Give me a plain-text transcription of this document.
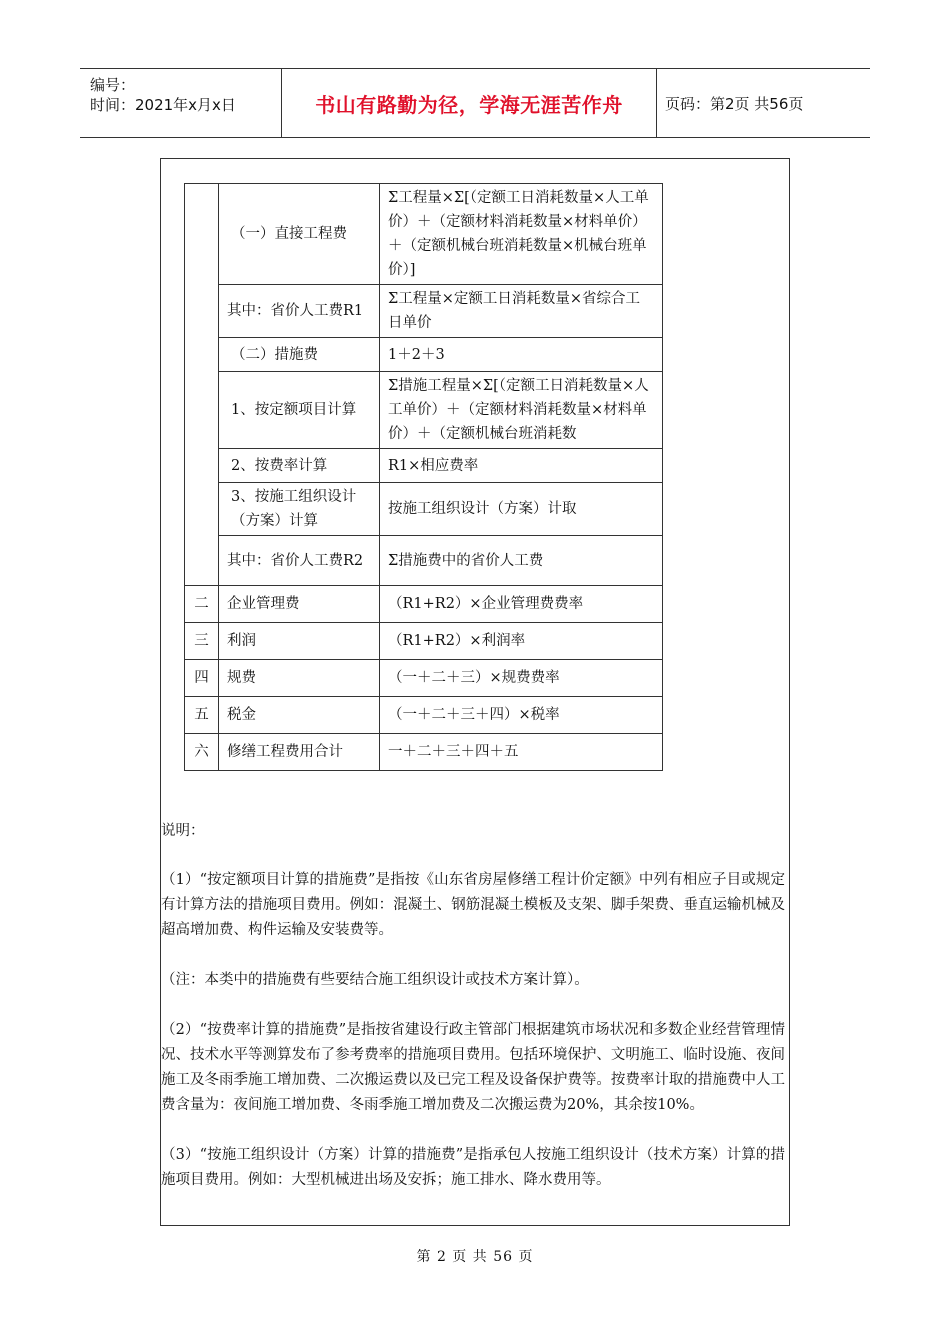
编号：
时间：2021年x月x日	书山有路勤为径，学海无涯苦作舟	页码：第2页 共56页
	（一）直接工程费	Σ工程量×Σ[（定额工日消耗数量×人工单价）＋（定额材料消耗数量×材料单价）＋（定额机械台班消耗数量×机械台班单价）]
	其中：省价人工费R1	Σ工程量×定额工日消耗数量×省综合工日单价
	（二）措施费	1＋2＋3
	1、按定额项目计算	Σ措施工程量×Σ[（定额工日消耗数量×人工单价）＋（定额材料消耗数量×材料单价）＋（定额机械台班消耗数
	2、按费率计算	R1×相应费率
	3、按施工组织设计（方案）计算	按施工组织设计（方案）计取
	其中：省价人工费R2	Σ措施费中的省价人工费
二	企业管理费	（R1+R2）×企业管理费费率
三	利润	（R1+R2）×利润率
四	规费	（一＋二＋三）×规费费率
五	税金	（一＋二＋三＋四）×税率
六	修缮工程费用合计	一＋二＋三＋四＋五

说明：

（1）“按定额项目计算的措施费”是指按《山东省房屋修缮工程计价定额》中列有相应子目或规定有计算方法的措施项目费用。例如：混凝土、钢筋混凝土模板及支架、脚手架费、垂直运输机械及超高增加费、构件运输及安装费等。

（注：本类中的措施费有些要结合施工组织设计或技术方案计算）。

（2）“按费率计算的措施费”是指按省建设行政主管部门根据建筑市场状况和多数企业经营管理情况、技术水平等测算发布了参考费率的措施项目费用。包括环境保护、文明施工、临时设施、夜间施工及冬雨季施工增加费、二次搬运费以及已完工程及设备保护费等。按费率计取的措施费中人工费含量为：夜间施工增加费、冬雨季施工增加费及二次搬运费为20%，其余按10%。

（3）“按施工组织设计（方案）计算的措施费”是指承包人按施工组织设计（技术方案）计算的措施项目费用。例如：大型机械进出场及安拆；施工排水、降水费用等。

第 2 页 共 56 页
